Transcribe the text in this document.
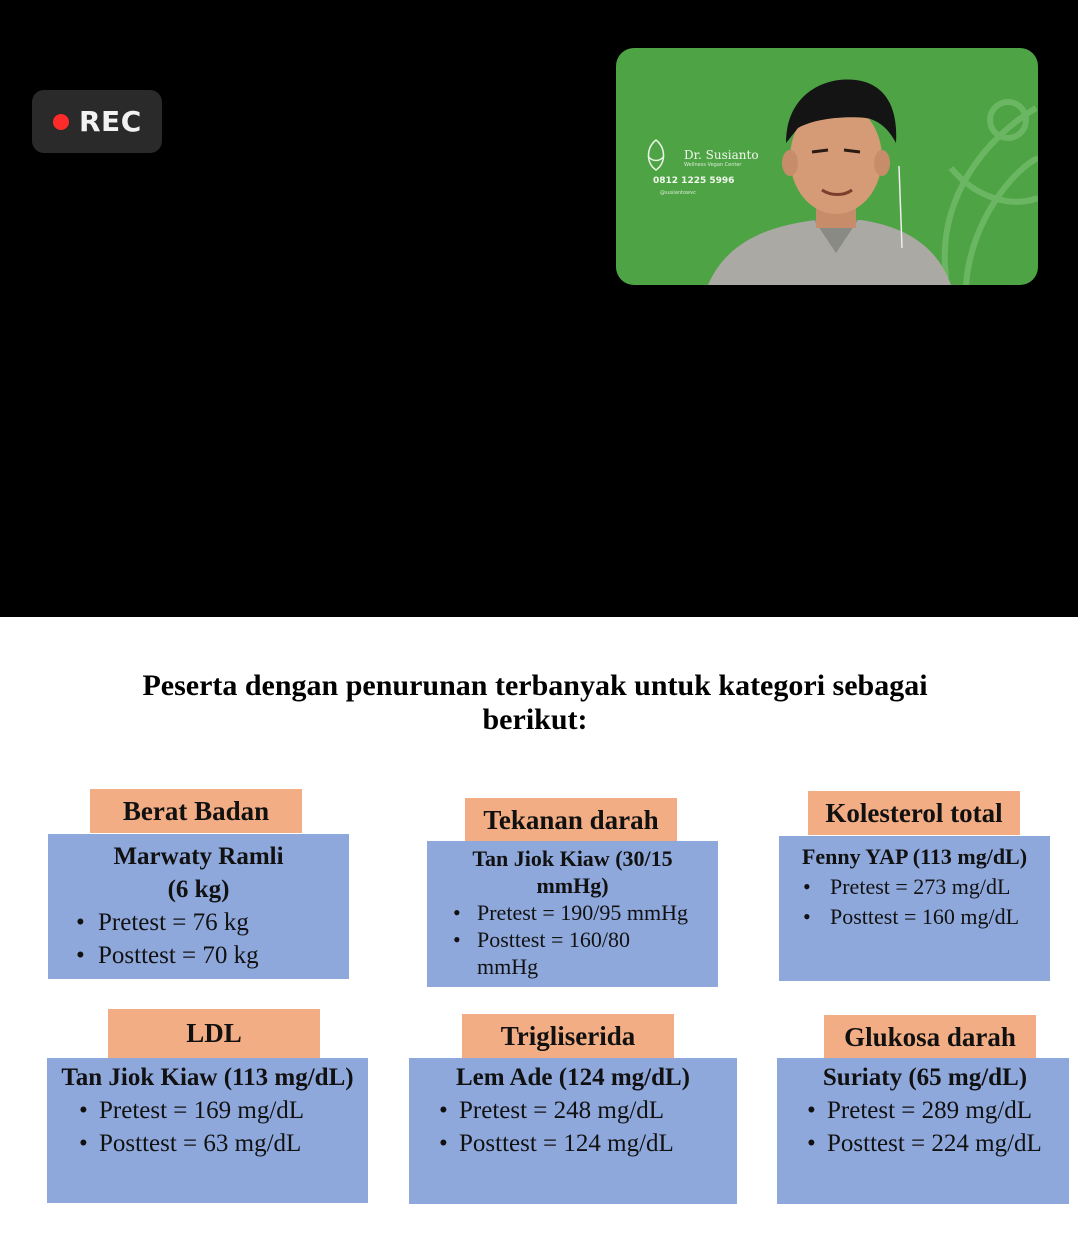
REC
Dr. Susianto
Wellness Vegan Center
0812 1225 5996
@susiantowvc
Peserta dengan penurunan terbanyak untuk kategori sebagai
berikut:
Berat Badan
Marwaty Ramli
(6 kg)
• Pretest = 76 kg
• Posttest = 70 kg
Tekanan darah
Tan Jiok Kiaw (30/15
mmHg)
• Pretest = 190/95 mmHg
• Posttest = 160/80
mmHg
Kolesterol total
Fenny YAP (113 mg/dL)
• Pretest = 273 mg/dL
• Posttest = 160 mg/dL
LDL
Tan Jiok Kiaw (113 mg/dL)
• Pretest = 169 mg/dL
• Posttest = 63 mg/dL
Trigliserida
Lem Ade (124 mg/dL)
• Pretest = 248 mg/dL
• Posttest = 124 mg/dL
Glukosa darah
Suriaty (65 mg/dL)
• Pretest = 289 mg/dL
• Posttest = 224 mg/dL
